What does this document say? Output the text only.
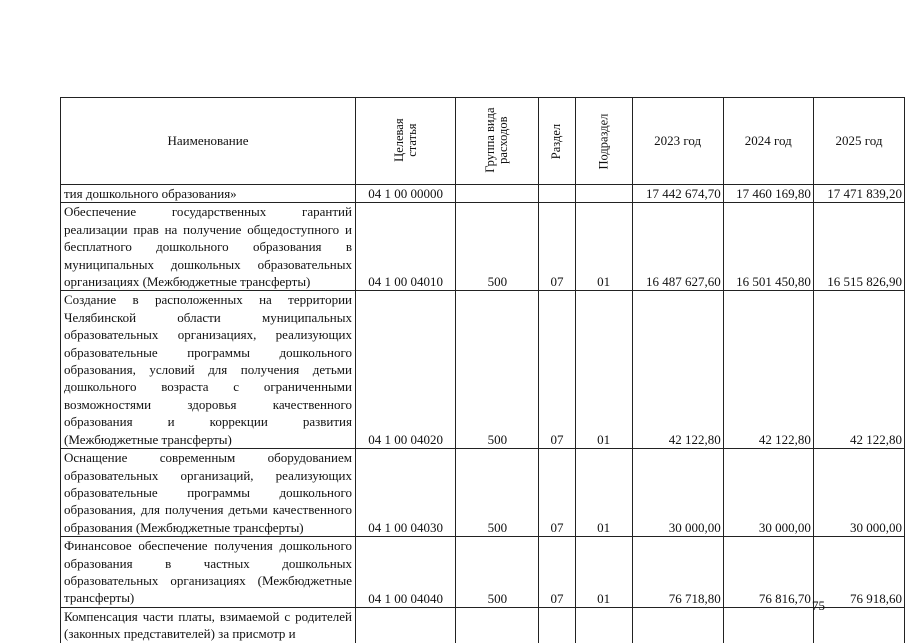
Наименование	Целевая статья	Группа вида расходов	Раздел	Подраздел	2023 год	2024 год	2025 год
тия дошкольного образования»	04 1 00 00000				17 442 674,70	17 460 169,80	17 471 839,20
Обеспечение государственных гарантий реализации прав на получение общедоступного и бесплатного дошкольного образования в муниципальных дошкольных образовательных организациях (Межбюджетные трансферты)	04 1 00 04010	500	07	01	16 487 627,60	16 501 450,80	16 515 826,90
Создание в расположенных на территории Челябинской области муниципальных образовательных организациях, реализующих образовательные программы дошкольного образования, условий для получения детьми дошкольного возраста с ограниченными возможностями здоровья качественного образования и коррекции развития (Межбюджетные трансферты)	04 1 00 04020	500	07	01	42 122,80	42 122,80	42 122,80
Оснащение современным оборудованием образовательных организаций, реализующих образовательные программы дошкольного образования, для получения детьми качественного образования (Межбюджетные трансферты)	04 1 00 04030	500	07	01	30 000,00	30 000,00	30 000,00
Финансовое обеспечение получения дошкольного образования в частных дошкольных образовательных организациях (Межбюджетные трансферты)	04 1 00 04040	500	07	01	76 718,80	76 816,70	76 918,60
Компенсация части платы, взимаемой с родителей (законных представителей) за присмотр и							
75
